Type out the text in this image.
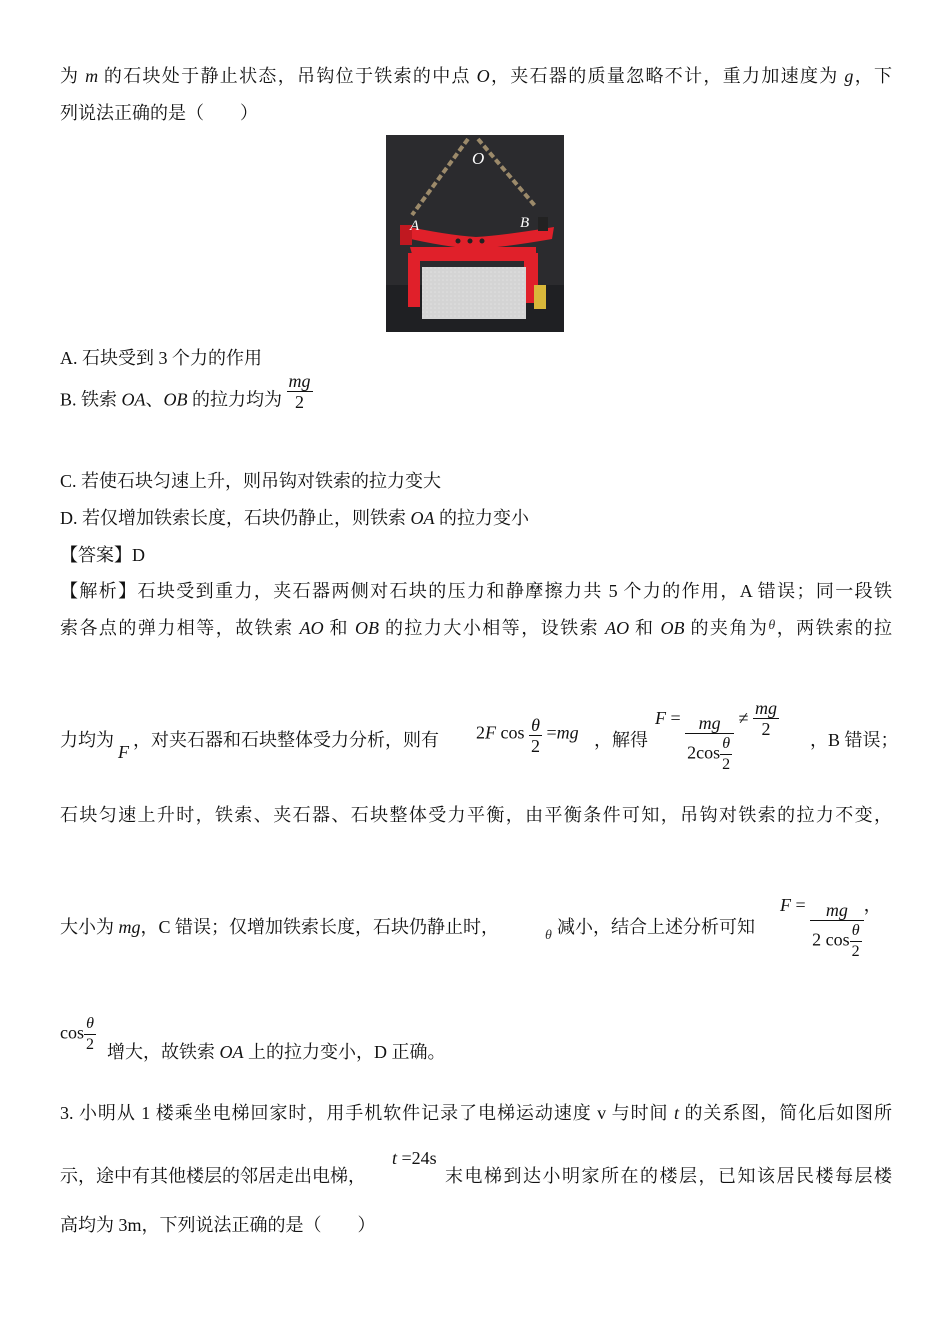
为 m 的石块处于静止状态，吊钩位于铁索的中点 O，夹石器的质量忽略不计，重力加速度为 g，下
列说法正确的是（　　）
O
A	B
A. 石块受到 3 个力的作用
B. 铁索 OA、OB 的拉力均为 $\frac{mg}{2}$
C. 若使石块匀速上升，则吊钩对铁索的拉力变大
D. 若仅增加铁索长度，石块仍静止，则铁索 OA 的拉力变小
【答案】D
【解析】石块受到重力，夹石器两侧对石块的压力和静摩擦力共 5 个力的作用，A 错误；同一段铁
索各点的弹力相等，故铁索 AO 和 OB 的拉力大小相等，设铁索 AO 和 OB 的夹角为$^\theta$，两铁索的拉
力均为
F
，对夹石器和石块整体受力分析，则有 2F $\cos \frac{\theta}{2} =mg$ ，解得
$F = \frac{mg}{2\cos \frac{\theta}{2}} \ne \frac{mg}{2}$
，B 错误；
石块匀速上升时，铁索、夹石器、石块整体受力平衡，由平衡条件可知，吊钩对铁索的拉力不变，
大小为 mg，C 错误；仅增加铁索长度，石块仍静止时，	θ 减小，结合上述分析可知
$F = \frac{mg}{2 \cos \frac{\theta}{2}}$ ，
$\cos \frac{\theta}{2}$ 增大，故铁索 OA 上的拉力变小，D 正确。
3. 小明从 1 楼乘坐电梯回家时，用手机软件记录了电梯运动速度 v 与时间 t 的关系图，简化后如图所
示，途中有其他楼层的邻居走出电梯，
t =24s
末电梯到达小明家所在的楼层，已知该居民楼每层楼
高均为 3m，下列说法正确的是（　　）
